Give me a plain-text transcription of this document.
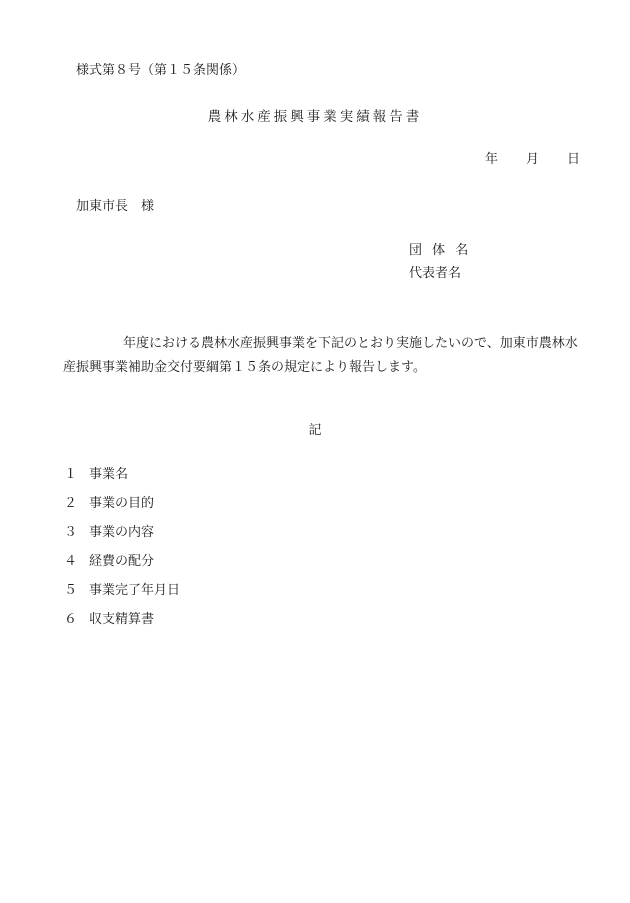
様式第８号（第１５条関係）
農林水産振興事業実績報告書
年 月 日
加東市長　様
団 体 名
代表者名
年度における農林水産振興事業を下記のとおり実施したいので、加東市農林水産振興事業補助金交付要綱第１５条の規定により報告します。
記
１ 事業名
２ 事業の目的
３ 事業の内容
４ 経費の配分
５ 事業完了年月日
６ 収支精算書
